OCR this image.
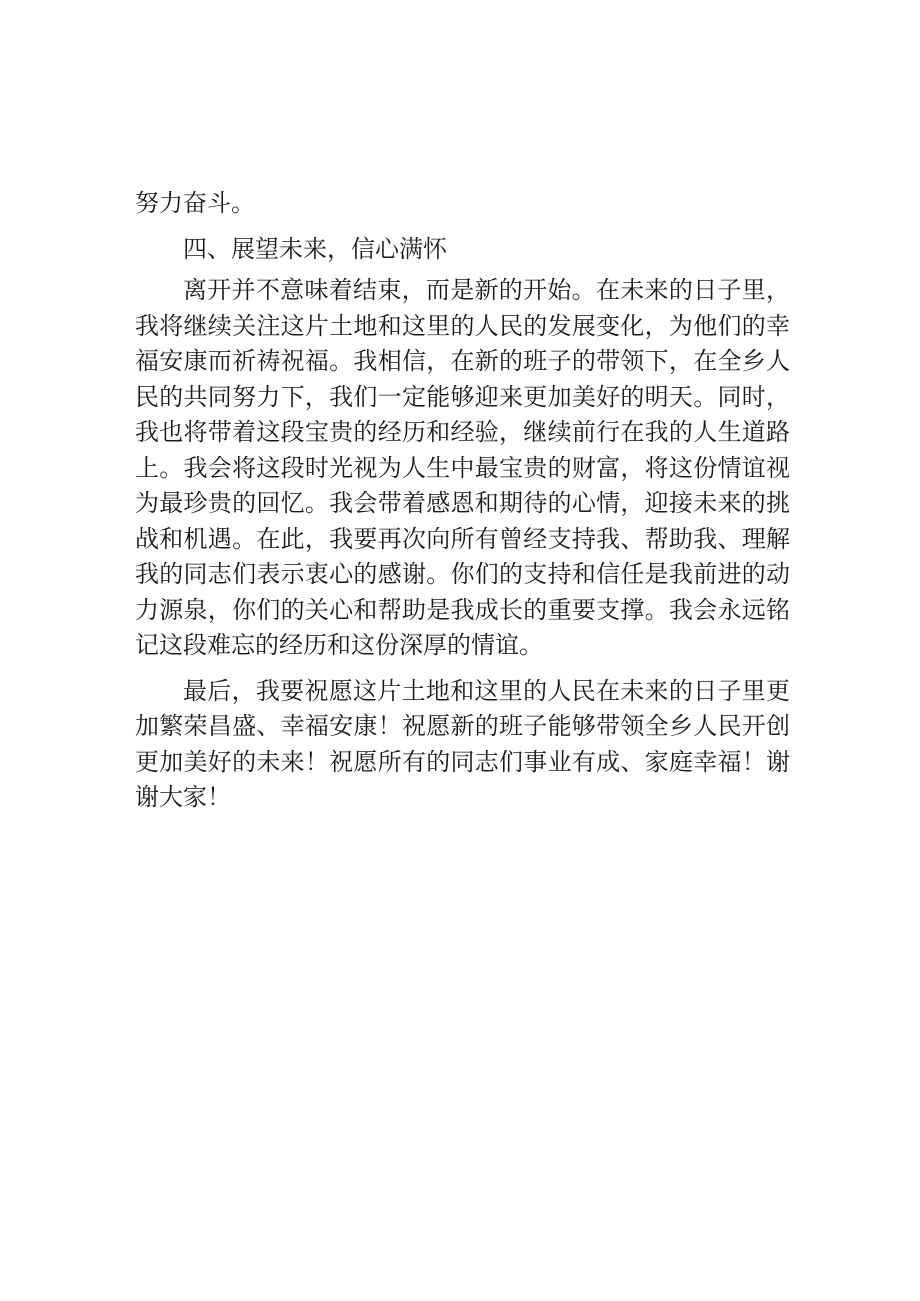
努力奋斗。

四、展望未来，信心满怀

离开并不意味着结束，而是新的开始。在未来的日子里，我将继续关注这片土地和这里的人民的发展变化，为他们的幸福安康而祈祷祝福。我相信，在新的班子的带领下，在全乡人民的共同努力下，我们一定能够迎来更加美好的明天。同时，我也将带着这段宝贵的经历和经验，继续前行在我的人生道路上。我会将这段时光视为人生中最宝贵的财富，将这份情谊视为最珍贵的回忆。我会带着感恩和期待的心情，迎接未来的挑战和机遇。在此，我要再次向所有曾经支持我、帮助我、理解我的同志们表示衷心的感谢。你们的支持和信任是我前进的动力源泉，你们的关心和帮助是我成长的重要支撑。我会永远铭记这段难忘的经历和这份深厚的情谊。

最后，我要祝愿这片土地和这里的人民在未来的日子里更加繁荣昌盛、幸福安康！祝愿新的班子能够带领全乡人民开创更加美好的未来！祝愿所有的同志们事业有成、家庭幸福！谢谢大家！
